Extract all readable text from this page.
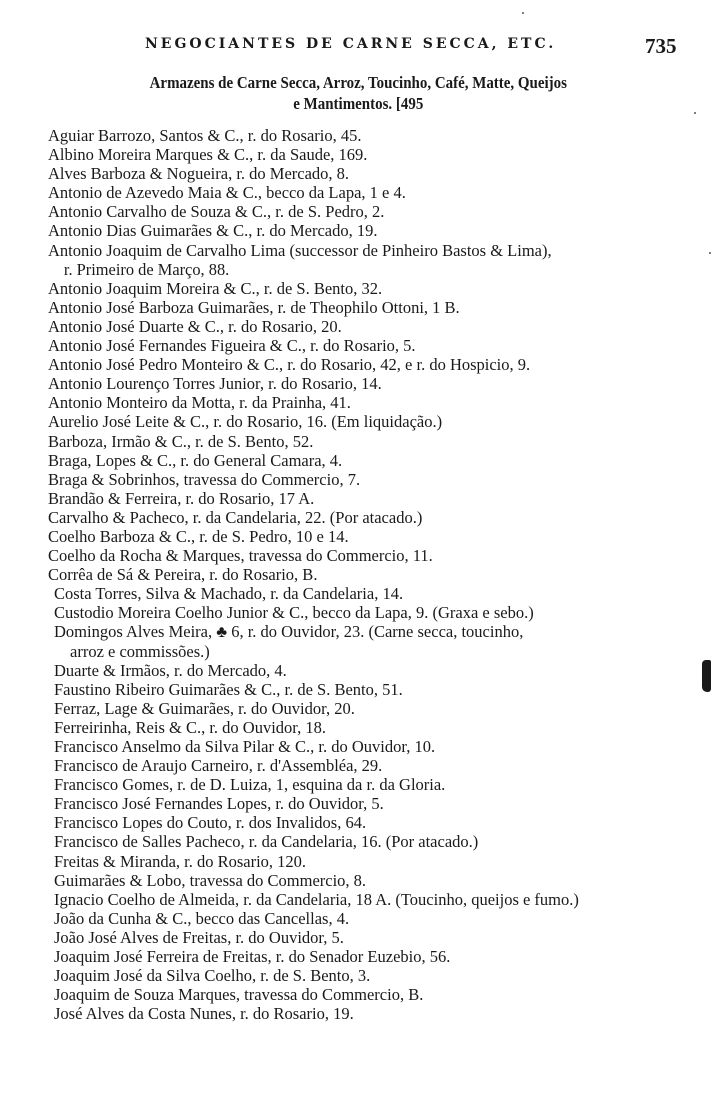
NEGOCIANTES DE CARNE SECCA, ETC.	735
Armazens de Carne Secca, Arroz, Toucinho, Café, Matte, Queijos
e Mantimentos. [495
Aguiar Barrozo, Santos & C., r. do Rosario, 45.
Albino Moreira Marques & C., r. da Saude, 169.
Alves Barboza & Nogueira, r. do Mercado, 8.
Antonio de Azevedo Maia & C., becco da Lapa, 1 e 4.
Antonio Carvalho de Souza & C., r. de S. Pedro, 2.
Antonio Dias Guimarães & C., r. do Mercado, 19.
Antonio Joaquim de Carvalho Lima (successor de Pinheiro Bastos & Lima),
r. Primeiro de Março, 88.
Antonio Joaquim Moreira & C., r. de S. Bento, 32.
Antonio José Barboza Guimarães, r. de Theophilo Ottoni, 1 B.
Antonio José Duarte & C., r. do Rosario, 20.
Antonio José Fernandes Figueira & C., r. do Rosario, 5.
Antonio José Pedro Monteiro & C., r. do Rosario, 42, e r. do Hospicio, 9.
Antonio Lourenço Torres Junior, r. do Rosario, 14.
Antonio Monteiro da Motta, r. da Prainha, 41.
Aurelio José Leite & C., r. do Rosario, 16. (Em liquidação.)
Barboza, Irmão & C., r. de S. Bento, 52.
Braga, Lopes & C., r. do General Camara, 4.
Braga & Sobrinhos, travessa do Commercio, 7.
Brandão & Ferreira, r. do Rosario, 17 A.
Carvalho & Pacheco, r. da Candelaria, 22. (Por atacado.)
Coelho Barboza & C., r. de S. Pedro, 10 e 14.
Coelho da Rocha & Marques, travessa do Commercio, 11.
Corrêa de Sá & Pereira, r. do Rosario, B.
Costa Torres, Silva & Machado, r. da Candelaria, 14.
Custodio Moreira Coelho Junior & C., becco da Lapa, 9. (Graxa e sebo.)
Domingos Alves Meira, ♣ 6, r. do Ouvidor, 23. (Carne secca, toucinho,
arroz e commissões.)
Duarte & Irmãos, r. do Mercado, 4.
Faustino Ribeiro Guimarães & C., r. de S. Bento, 51.
Ferraz, Lage & Guimarães, r. do Ouvidor, 20.
Ferreirinha, Reis & C., r. do Ouvidor, 18.
Francisco Anselmo da Silva Pilar & C., r. do Ouvidor, 10.
Francisco de Araujo Carneiro, r. d'Assembléa, 29.
Francisco Gomes, r. de D. Luiza, 1, esquina da r. da Gloria.
Francisco José Fernandes Lopes, r. do Ouvidor, 5.
Francisco Lopes do Couto, r. dos Invalidos, 64.
Francisco de Salles Pacheco, r. da Candelaria, 16. (Por atacado.)
Freitas & Miranda, r. do Rosario, 120.
Guimarães & Lobo, travessa do Commercio, 8.
Ignacio Coelho de Almeida, r. da Candelaria, 18 A. (Toucinho, queijos e fumo.)
João da Cunha & C., becco das Cancellas, 4.
João José Alves de Freitas, r. do Ouvidor, 5.
Joaquim José Ferreira de Freitas, r. do Senador Euzebio, 56.
Joaquim José da Silva Coelho, r. de S. Bento, 3.
Joaquim de Souza Marques, travessa do Commercio, B.
José Alves da Costa Nunes, r. do Rosario, 19.
